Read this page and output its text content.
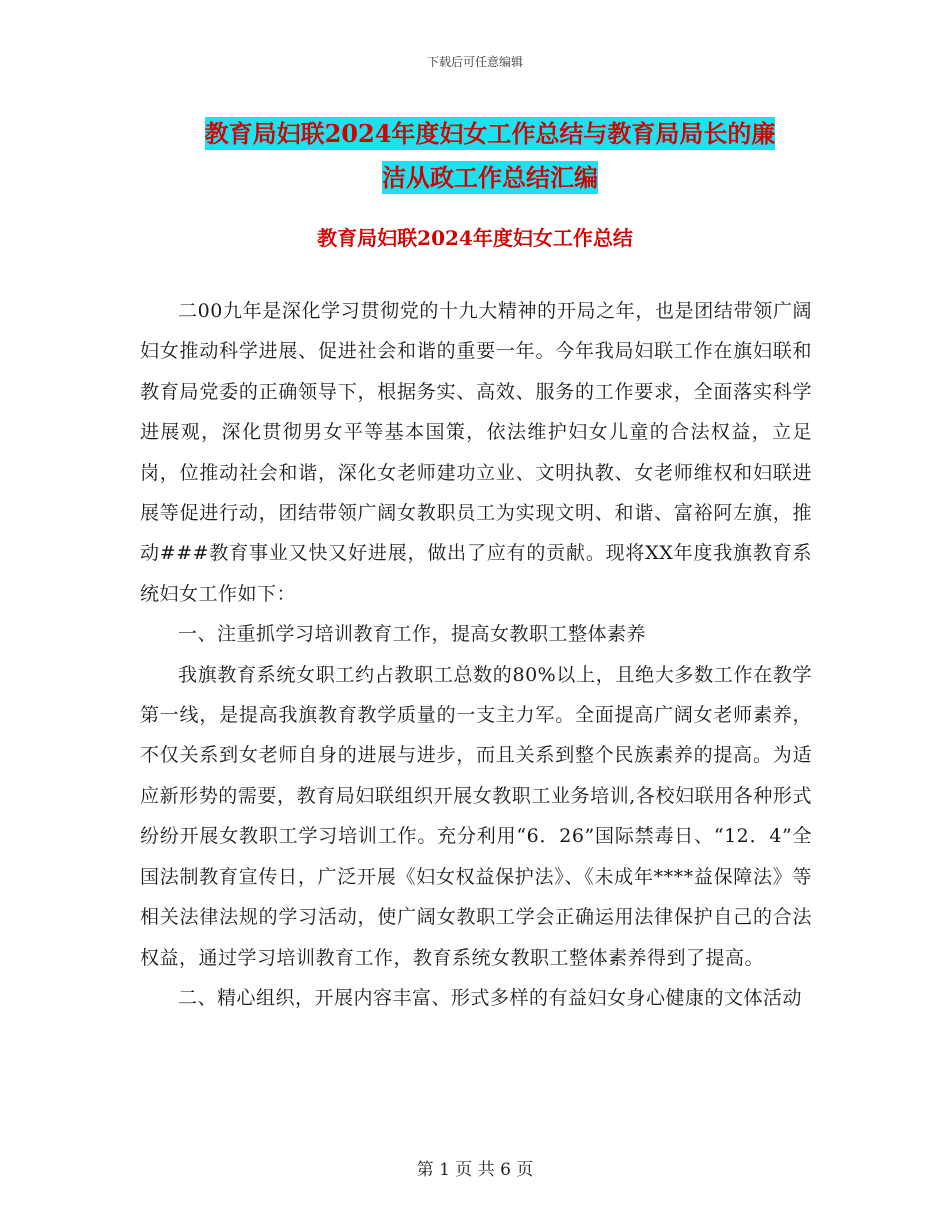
下载后可任意编辑
教育局妇联2024年度妇女工作总结与教育局局长的廉
洁从政工作总结汇编
教育局妇联2024年度妇女工作总结

二00九年是深化学习贯彻党的十九大精神的开局之年，也是团结带领广阔妇女推动科学进展、促进社会和谐的重要一年。今年我局妇联工作在旗妇联和教育局党委的正确领导下，根据务实、高效、服务的工作要求，全面落实科学进展观，深化贯彻男女平等基本国策，依法维护妇女儿童的合法权益，立足岗，位推动社会和谐，深化女老师建功立业、文明执教、女老师维权和妇联进展等促进行动，团结带领广阔女教职员工为实现文明、和谐、富裕阿左旗，推动###教育事业又快又好进展，做出了应有的贡献。现将XX年度我旗教育系统妇女工作如下：

一、注重抓学习培训教育工作，提高女教职工整体素养

我旗教育系统女职工约占教职工总数的80%以上，且绝大多数工作在教学第一线，是提高我旗教育教学质量的一支主力军。全面提高广阔女老师素养，不仅关系到女老师自身的进展与进步，而且关系到整个民族素养的提高。为适应新形势的需要，教育局妇联组织开展女教职工业务培训,各校妇联用各种形式纷纷开展女教职工学习培训工作。充分利用“6．26”国际禁毒日、“12．4”全国法制教育宣传日，广泛开展《妇女权益保护法》、《未成年****益保障法》等相关法律法规的学习活动，使广阔女教职工学会正确运用法律保护自己的合法权益，通过学习培训教育工作，教育系统女教职工整体素养得到了提高。

二、精心组织，开展内容丰富、形式多样的有益妇女身心健康的文体活动

第 1 页 共 6 页
